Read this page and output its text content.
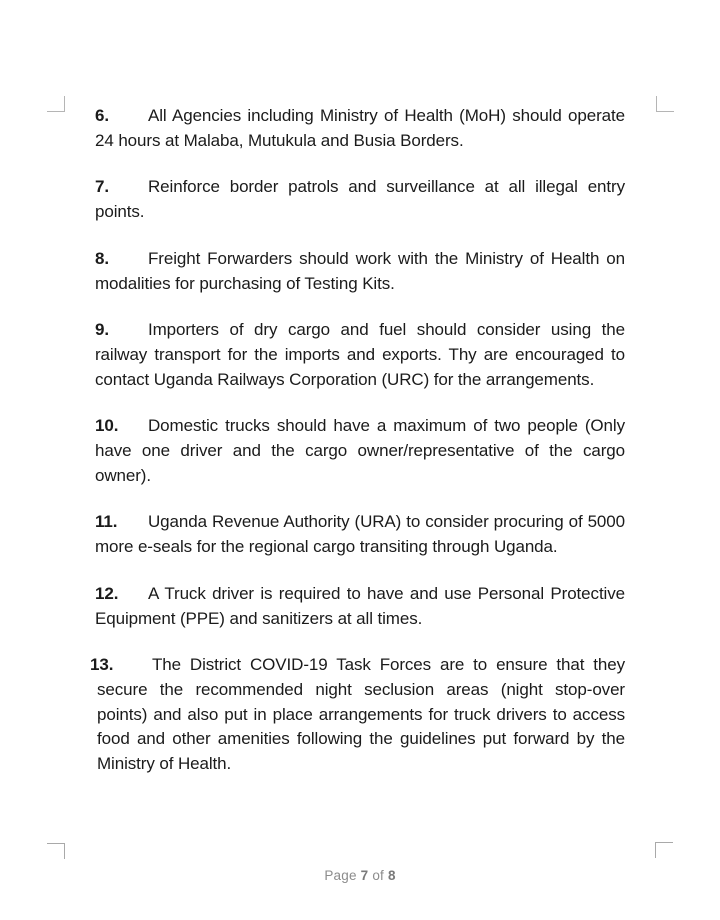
6. All Agencies including Ministry of Health (MoH) should operate 24 hours at Malaba, Mutukula and Busia Borders.

7. Reinforce border patrols and surveillance at all illegal entry points.

8. Freight Forwarders should work with the Ministry of Health on modalities for purchasing of Testing Kits.

9. Importers of dry cargo and fuel should consider using the railway transport for the imports and exports. Thy are encouraged to contact Uganda Railways Corporation (URC) for the arrangements.

10. Domestic trucks should have a maximum of two people (Only have one driver and the cargo owner/representative of the cargo owner).

11. Uganda Revenue Authority (URA) to consider procuring of 5000 more e-seals for the regional cargo transiting through Uganda.

12. A Truck driver is required to have and use Personal Protective Equipment (PPE) and sanitizers at all times.

13. The District COVID-19 Task Forces are to ensure that they secure the recommended night seclusion areas (night stop-over points) and also put in place arrangements for truck drivers to access food and other amenities following the guidelines put forward by the Ministry of Health.

Page 7 of 8
